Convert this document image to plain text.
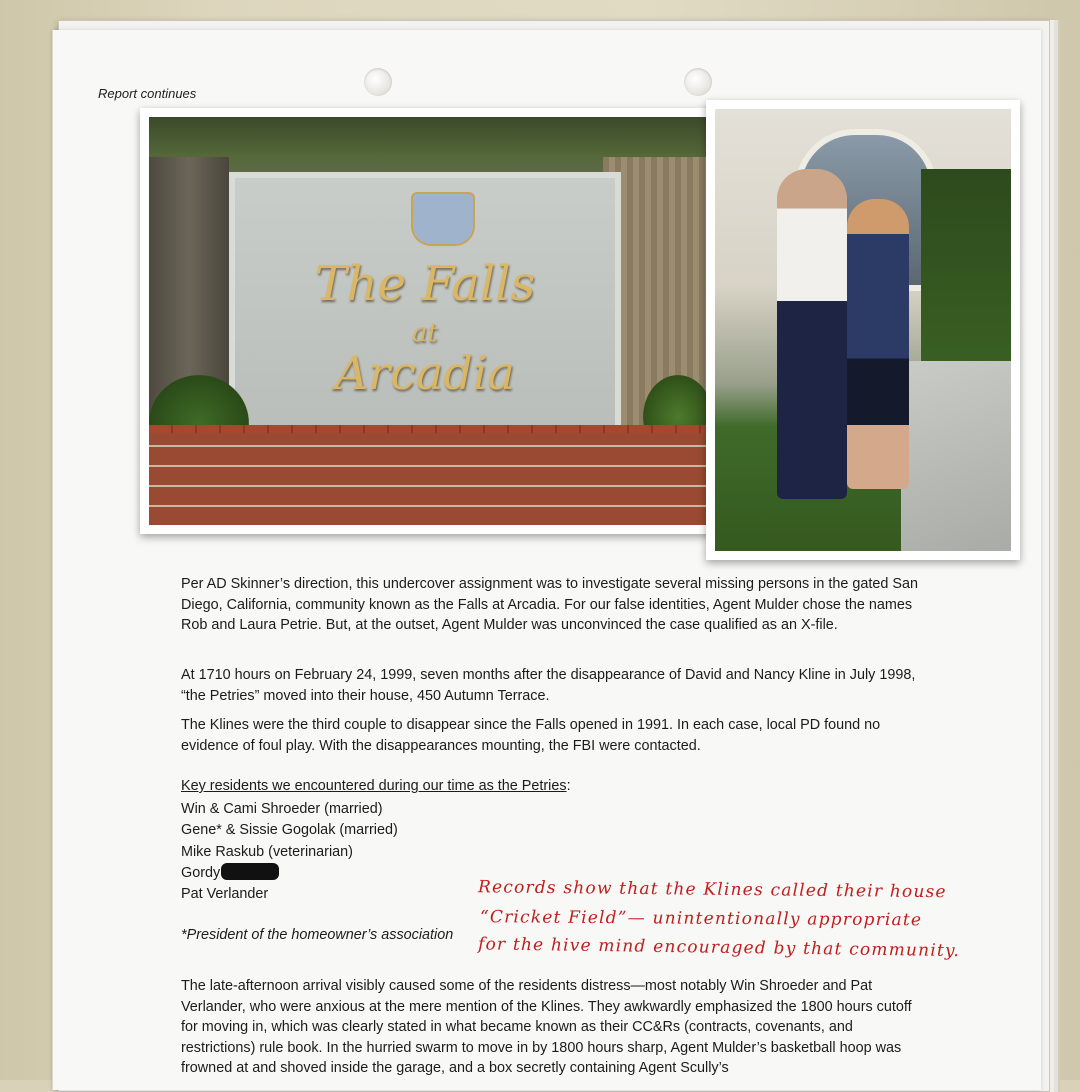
Report continues
The Falls
at
Arcadia

Per AD Skinner’s direction, this undercover assignment was to investigate several missing persons in the gated San Diego, California, community known as the Falls at Arcadia. For our false identities, Agent Mulder chose the names Rob and Laura Petrie. But, at the outset, Agent Mulder was unconvinced the case qualified as an X-file.

At 1710 hours on February 24, 1999, seven months after the disappearance of David and Nancy Kline in July 1998, “the Petries” moved into their house, 450 Autumn Terrace.

The Klines were the third couple to disappear since the Falls opened in 1991. In each case, local PD found no evidence of foul play. With the disappearances mounting, the FBI were contacted.

Key residents we encountered during our time as the Petries:
Win & Cami Shroeder (married)
Gene* & Sissie Gogolak (married)
Mike Raskub (veterinarian)
Gordy
Pat Verlander
*President of the homeowner’s association
Records show that the Klines called their house
“Cricket Field”— unintentionally appropriate
for the hive mind encouraged by that community.

The late-afternoon arrival visibly caused some of the residents distress—most notably Win Shroeder and Pat Verlander, who were anxious at the mere mention of the Klines. They awkwardly emphasized the 1800 hours cutoff for moving in, which was clearly stated in what became known as their CC&Rs (contracts, covenants, and restrictions) rule book. In the hurried swarm to move in by 1800 hours sharp, Agent Mulder’s basketball hoop was frowned at and shoved inside the garage, and a box secretly containing Agent Scully’s
